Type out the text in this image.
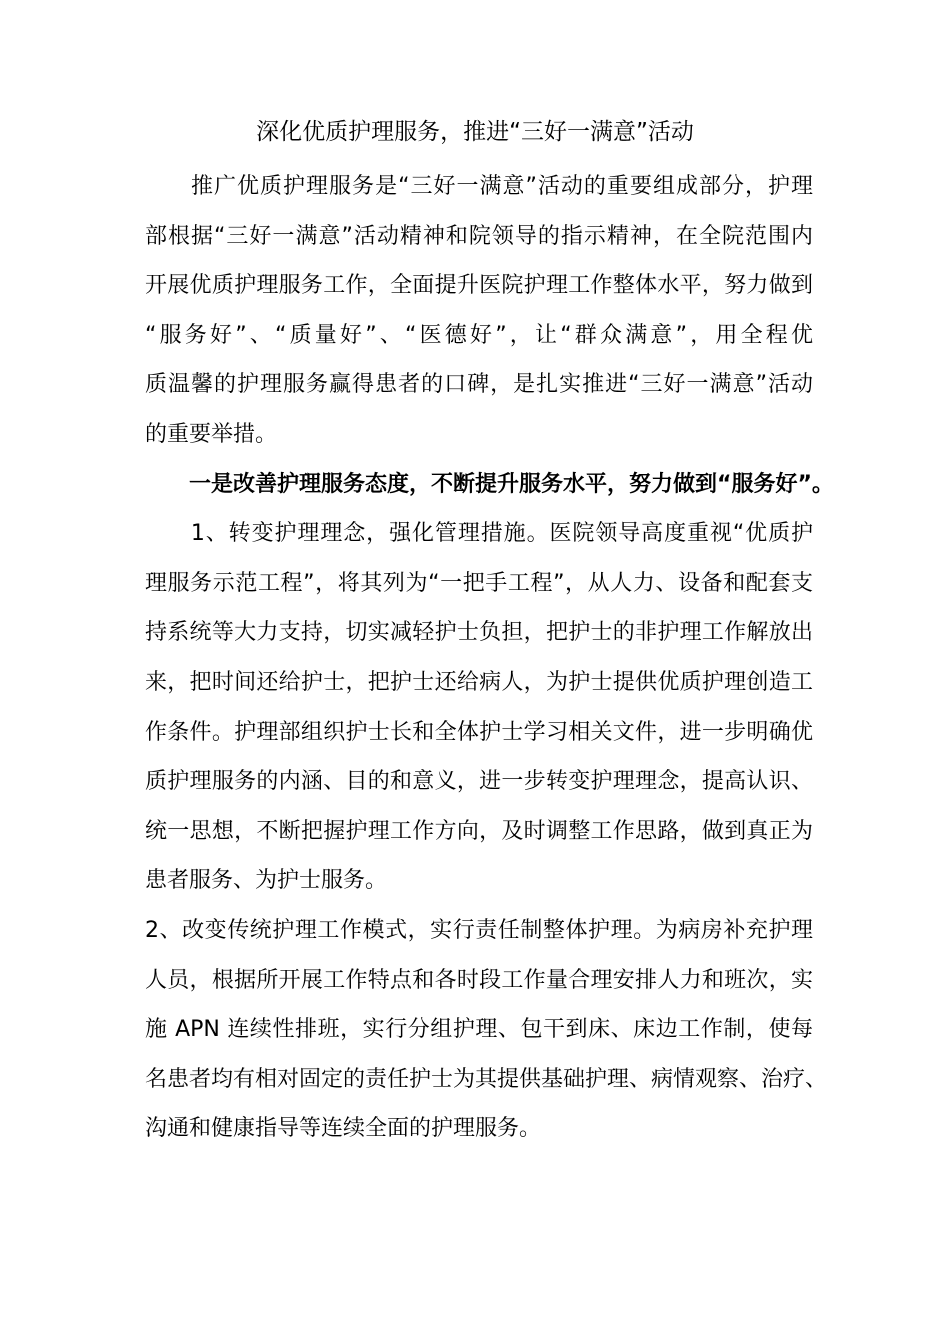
深化优质护理服务，推进“三好一满意”活动
　　推广优质护理服务是“三好一满意”活动的重要组成部分，护理
部根据“三好一满意”活动精神和院领导的指示精神，在全院范围内
开展优质护理服务工作，全面提升医院护理工作整体水平，努力做到
“服务好”、“质量好”、“医德好”，让“群众满意”，用全程优
质温馨的护理服务赢得患者的口碑，是扎实推进“三好一满意”活动
的重要举措。
　　一是改善护理服务态度，不断提升服务水平，努力做到“服务好”。
　　1、转变护理理念，强化管理措施。医院领导高度重视“优质护
理服务示范工程”，将其列为“一把手工程”，从人力、设备和配套支
持系统等大力支持，切实减轻护士负担，把护士的非护理工作解放出
来，把时间还给护士，把护士还给病人，为护士提供优质护理创造工
作条件。护理部组织护士长和全体护士学习相关文件，进一步明确优
质护理服务的内涵、目的和意义，进一步转变护理理念，提高认识、
统一思想，不断把握护理工作方向，及时调整工作思路，做到真正为
患者服务、为护士服务。
2、改变传统护理工作模式，实行责任制整体护理。为病房补充护理
人员，根据所开展工作特点和各时段工作量合理安排人力和班次，实
施 APN 连续性排班，实行分组护理、包干到床、床边工作制，使每
名患者均有相对固定的责任护士为其提供基础护理、病情观察、治疗、
沟通和健康指导等连续全面的护理服务。
